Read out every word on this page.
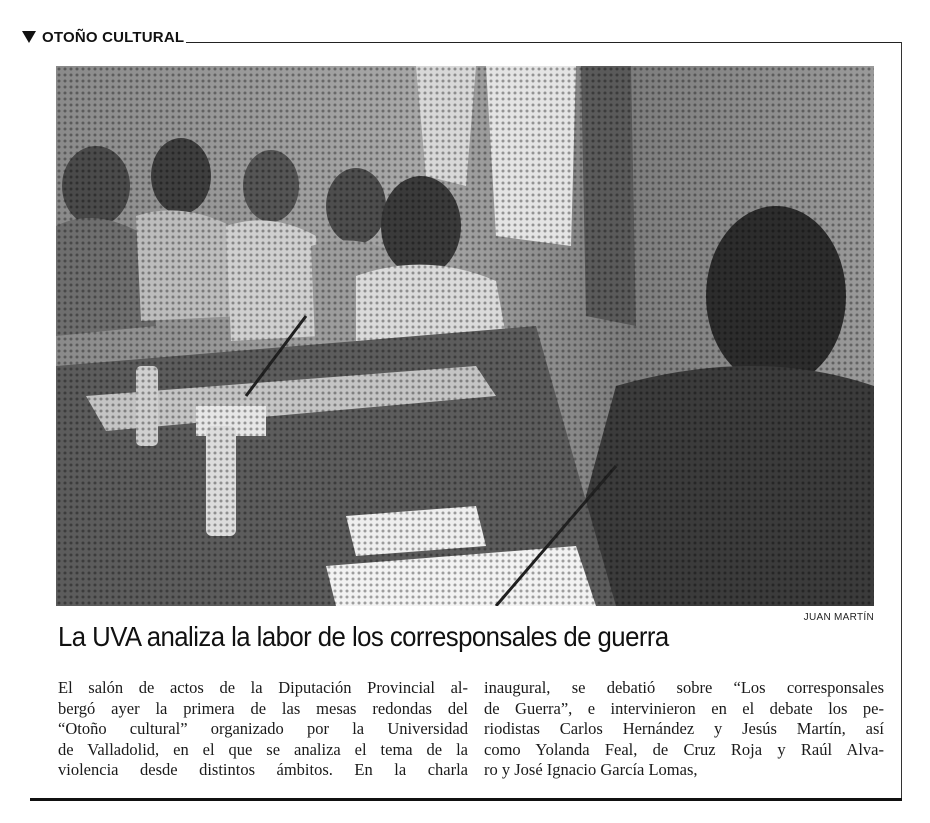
OTOÑO CULTURAL
JUAN MARTÍN
La UVA analiza la labor de los corresponsales de guerra
El salón de actos de la Diputación Provincial al-
bergó ayer la primera de las mesas redondas del
“Otoño cultural” organizado por la Universidad
de Valladolid, en el que se analiza el tema de la
violencia desde distintos ámbitos. En la charla
inaugural, se debatió sobre “Los corresponsales
de Guerra”, e intervinieron en el debate los pe-
riodistas Carlos Hernández y Jesús Martín, así
como Yolanda Feal, de Cruz Roja y Raúl Alva-
ro y José Ignacio García Lomas,
